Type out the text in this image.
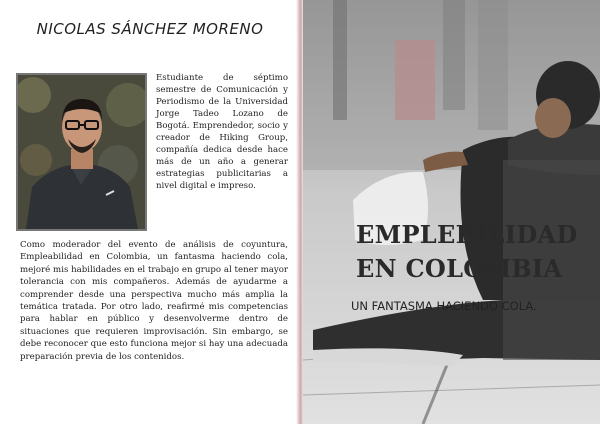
NICOLAS SÁNCHEZ MORENO
Estudiante de séptimo semestre de Comunicación y Periodismo de la Universidad Jorge Tadeo Lozano de Bogotá. Emprendedor, socio y creador de Hiking Group, compañía dedica desde hace más de un año a generar estrategias publicitarias a nivel digital e impreso.
Como moderador del evento de análisis de coyuntura, Empleabilidad en Colombia, un fantasma haciendo cola, mejoré mis habilidades en el trabajo en grupo al tener mayor tolerancia con mis compañeros. Además de ayudarme a comprender desde una perspectiva mucho más amplia la temática tratada. Por otro lado, reafirmé mis competencias para hablar en público y desenvolverme dentro de situaciones que requieren improvisación. Sin embargo, se debe reconocer que esto funciona mejor si hay una adecuada preparación previa de los contenidos.
EMPLEBILIDAD
EN COLOMBIA
UN FANTASMA HACIENDO COLA.
